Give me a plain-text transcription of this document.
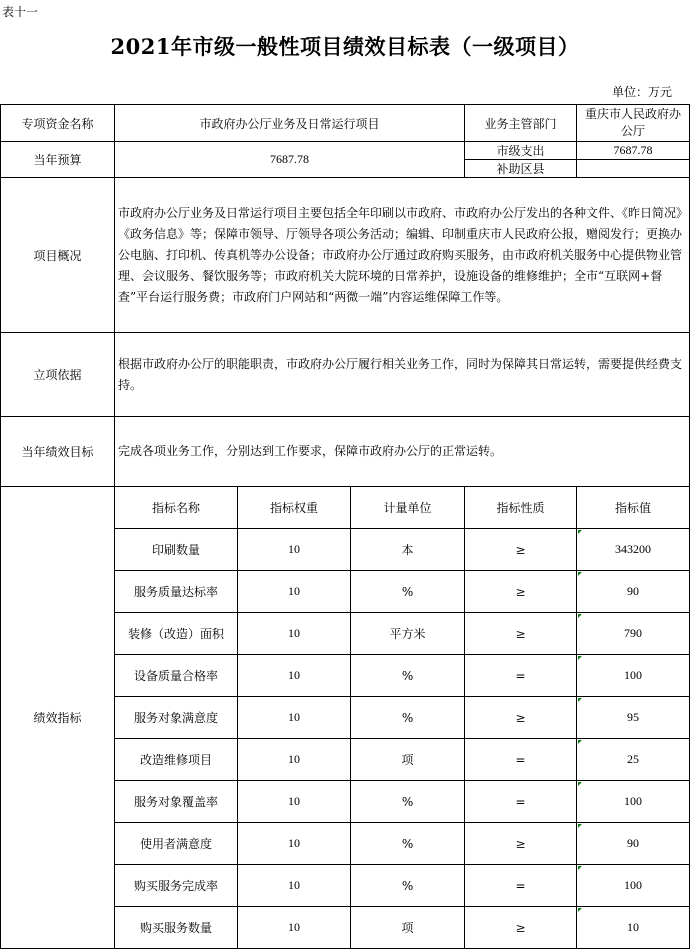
表十一
2021年市级一般性项目绩效目标表（一级项目）
单位：万元
专项资金名称	市政府办公厅业务及日常运行项目			业务主管部门	重庆市人民政府办公厅
当年预算	7687.78			市级支出	7687.78
				补助区县	
项目概况	市政府办公厅业务及日常运行项目主要包括全年印刷以市政府、市政府办公厅发出的各种文件、《昨日简况》《政务信息》等；保障市领导、厅领导各项公务活动；编辑、印制重庆市人民政府公报，赠阅发行；更换办公电脑、打印机、传真机等办公设备；市政府办公厅通过政府购买服务，由市政府机关服务中心提供物业管理、会议服务、餐饮服务等；市政府机关大院环境的日常养护，设施设备的维修维护；全市“互联网+督查”平台运行服务费；市政府门户网站和“两微一端”内容运维保障工作等。				
立项依据	根据市政府办公厅的职能职责，市政府办公厅履行相关业务工作，同时为保障其日常运转，需要提供经费支持。				
当年绩效目标	完成各项业务工作，分别达到工作要求，保障市政府办公厅的正常运转。				
绩效指标	指标名称	指标权重	计量单位	指标性质	指标值
	印刷数量	10	本	≥	343200
	服务质量达标率	10	%	≥	90
	装修（改造）面积	10	平方米	≥	790
	设备质量合格率	10	%	=	100
	服务对象满意度	10	%	≥	95
	改造维修项目	10	项	=	25
	服务对象覆盖率	10	%	=	100
	使用者满意度	10	%	≥	90
	购买服务完成率	10	%	=	100
	购买服务数量	10	项	≥	10
